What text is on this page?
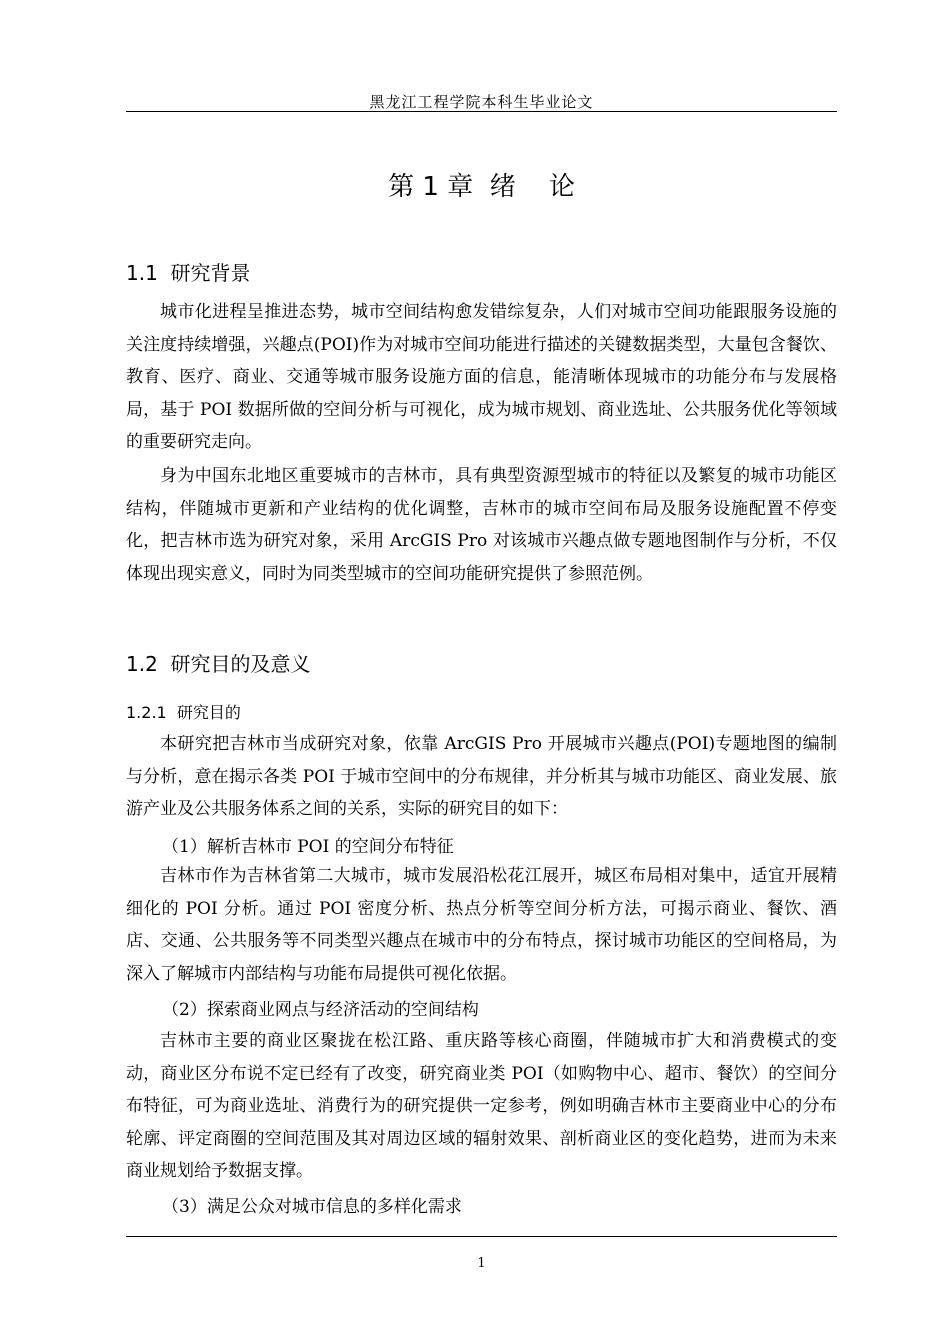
黑龙江工程学院本科生毕业论文
第 1 章  绪    论
1.1  研究背景

城市化进程呈推进态势，城市空间结构愈发错综复杂，人们对城市空间功能跟服务设施的关注度持续增强，兴趣点(POI)作为对城市空间功能进行描述的关键数据类型，大量包含餐饮、教育、医疗、商业、交通等城市服务设施方面的信息，能清晰体现城市的功能分布与发展格局，基于 POI 数据所做的空间分析与可视化，成为城市规划、商业选址、公共服务优化等领域的重要研究走向。

身为中国东北地区重要城市的吉林市，具有典型资源型城市的特征以及繁复的城市功能区结构，伴随城市更新和产业结构的优化调整，吉林市的城市空间布局及服务设施配置不停变化，把吉林市选为研究对象，采用 ArcGIS Pro 对该城市兴趣点做专题地图制作与分析，不仅体现出现实意义，同时为同类型城市的空间功能研究提供了参照范例。

1.2  研究目的及意义
1.2.1  研究目的

本研究把吉林市当成研究对象，依靠 ArcGIS Pro 开展城市兴趣点(POI)专题地图的编制与分析，意在揭示各类 POI 于城市空间中的分布规律，并分析其与城市功能区、商业发展、旅游产业及公共服务体系之间的关系，实际的研究目的如下：

（1）解析吉林市 POI 的空间分布特征

吉林市作为吉林省第二大城市，城市发展沿松花江展开，城区布局相对集中，适宜开展精细化的 POI 分析。通过 POI 密度分析、热点分析等空间分析方法，可揭示商业、餐饮、酒店、交通、公共服务等不同类型兴趣点在城市中的分布特点，探讨城市功能区的空间格局，为深入了解城市内部结构与功能布局提供可视化依据。

（2）探索商业网点与经济活动的空间结构

吉林市主要的商业区聚拢在松江路、重庆路等核心商圈，伴随城市扩大和消费模式的变动，商业区分布说不定已经有了改变，研究商业类 POI（如购物中心、超市、餐饮）的空间分布特征，可为商业选址、消费行为的研究提供一定参考，例如明确吉林市主要商业中心的分布轮廓、评定商圈的空间范围及其对周边区域的辐射效果、剖析商业区的变化趋势，进而为未来商业规划给予数据支撑。

（3）满足公众对城市信息的多样化需求
1
